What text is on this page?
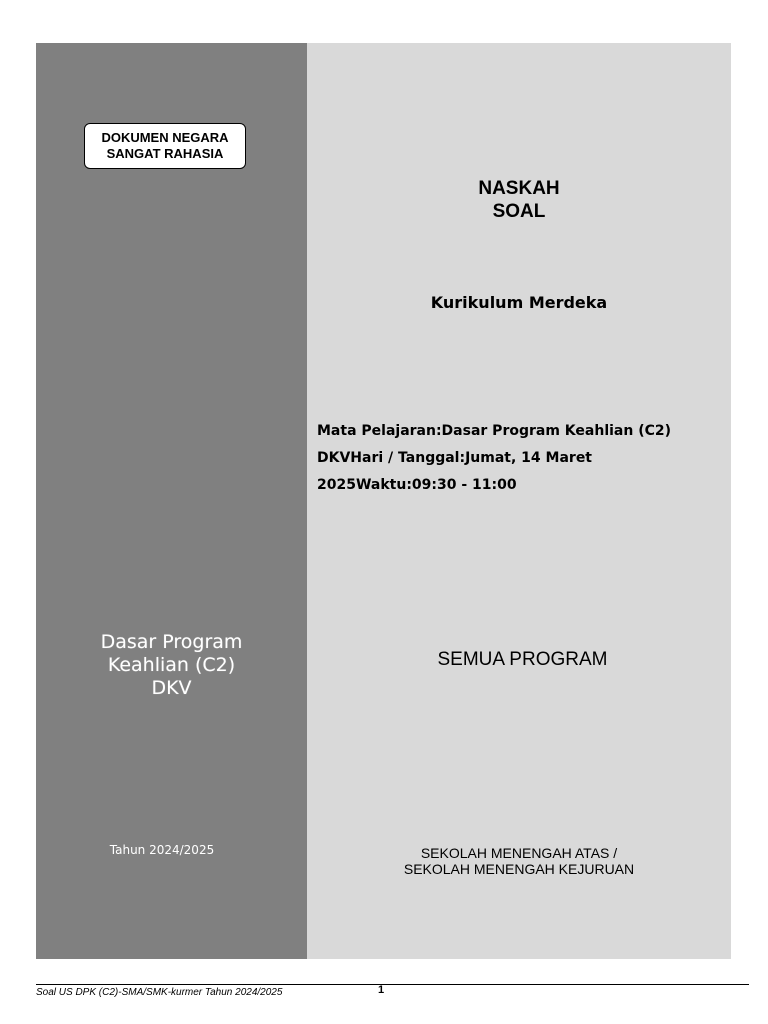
DOKUMEN NEGARA
SANGAT RAHASIA
Dasar Program
Keahlian (C2)
DKV
Tahun 2024/2025
NASKAH
SOAL
Kurikulum Merdeka
Mata Pelajaran:Dasar Program Keahlian (C2) DKVHari / Tanggal:Jumat, 14 Maret 2025Waktu:09:30 - 11:00
SEMUA PROGRAM
SEKOLAH MENENGAH ATAS /
SEKOLAH MENENGAH KEJURUAN
Soal US DPK (C2)-SMA/SMK-kurmer Tahun 2024/2025	1
